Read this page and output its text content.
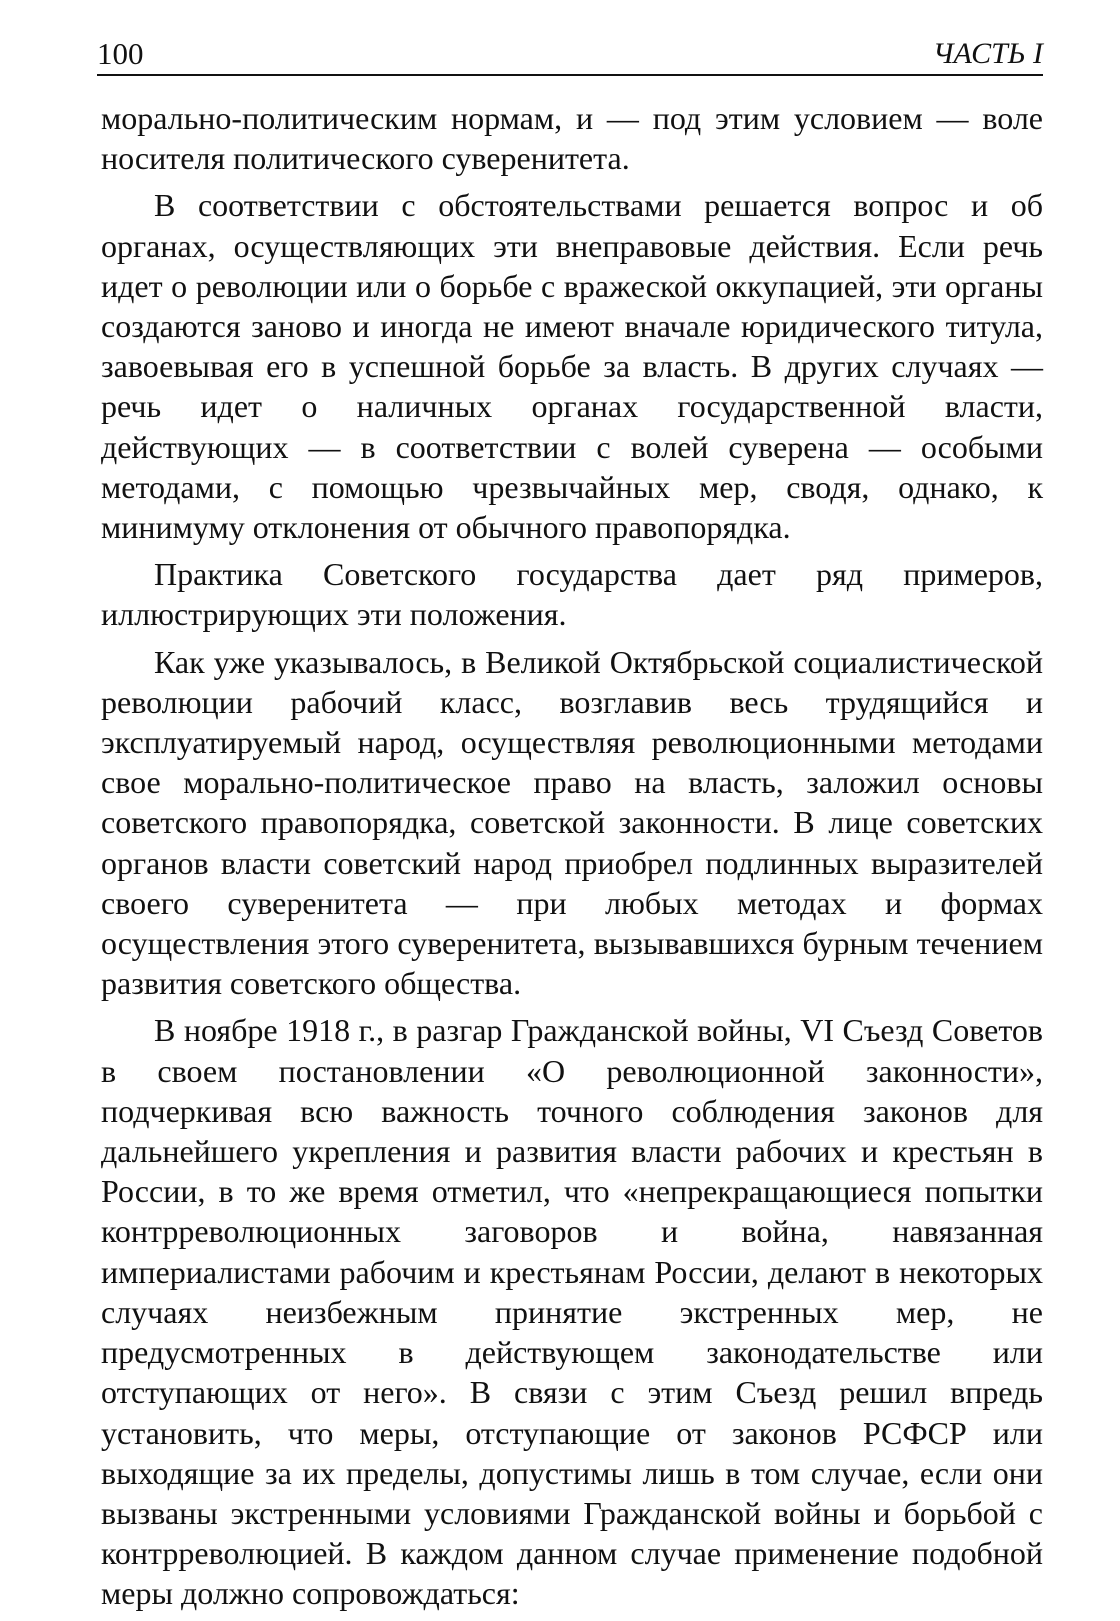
100	ЧАСТЬ I

морально-политическим нормам, и — под этим условием — воле носителя политического суверенитета.

В соответствии с обстоятельствами решается вопрос и об органах, осуществляющих эти внеправовые действия. Если речь идет о революции или о борьбе с вражеской оккупацией, эти органы создаются заново и иногда не имеют вначале юридического титула, завоевывая его в успешной борьбе за власть. В других случаях — речь идет о наличных органах государственной власти, действующих — в соответствии с волей суверена — особыми методами, с помощью чрезвычайных мер, сводя, однако, к минимуму отклонения от обычного правопорядка.

Практика Советского государства дает ряд примеров, иллюстрирующих эти положения.

Как уже указывалось, в Великой Октябрьской социалистической революции рабочий класс, возглавив весь трудящийся и эксплуатируемый народ, осуществляя революционными методами свое морально-политическое право на власть, заложил основы советского правопорядка, советской законности. В лице советских органов власти советский народ приобрел подлинных выразителей своего суверенитета — при любых методах и формах осуществления этого суверенитета, вызывавшихся бурным течением развития советского общества.

В ноябре 1918 г., в разгар Гражданской войны, VI Съезд Советов в своем постановлении «О революционной законности», подчеркивая всю важность точного соблюдения законов для дальнейшего укрепления и развития власти рабочих и крестьян в России, в то же время отметил, что «непрекращающиеся попытки контрреволюционных заговоров и война, навязанная империалистами рабочим и крестьянам России, делают в некоторых случаях неизбежным принятие экстренных мер, не предусмотренных в действующем законодательстве или отступающих от него». В связи с этим Съезд решил впредь установить, что меры, отступающие от законов РСФСР или выходящие за их пределы, допустимы лишь в том случае, если они вызваны экстренными условиями Гражданской войны и борьбой с контрреволюцией. В каждом данном случае применение подобной меры должно сопровождаться:
